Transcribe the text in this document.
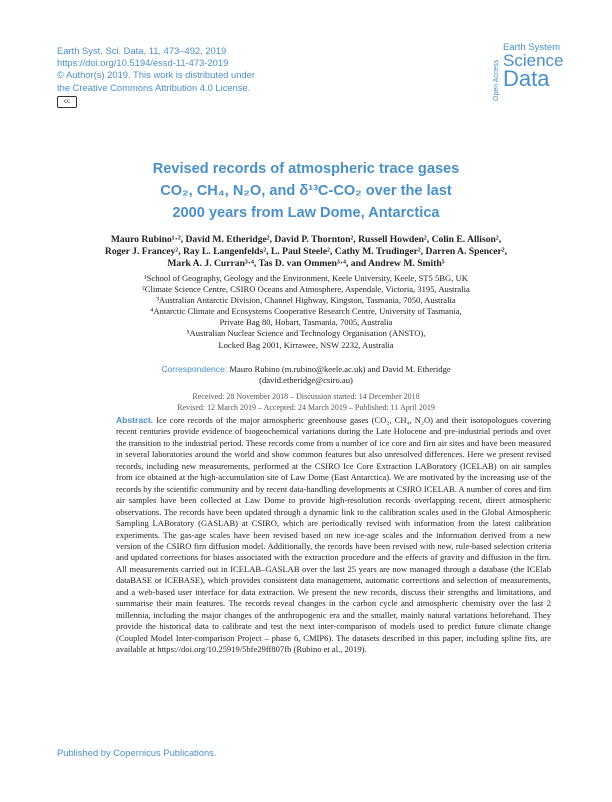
Earth Syst. Sci. Data, 11, 473–492, 2019
https://doi.org/10.5194/essd-11-473-2019
© Author(s) 2019. This work is distributed under
the Creative Commons Attribution 4.0 License.
cc
Open Access
Earth System
Science
Data
Revised records of atmospheric trace gases
CO₂, CH₄, N₂O, and δ¹³C-CO₂ over the last
2000 years from Law Dome, Antarctica
Mauro Rubino¹·², David M. Etheridge², David P. Thornton², Russell Howden², Colin E. Allison²,
Roger J. Francey², Ray L. Langenfelds², L. Paul Steele², Cathy M. Trudinger², Darren A. Spencer²,
Mark A. J. Curran³·⁴, Tas D. van Ommen³·⁴, and Andrew M. Smith⁵
¹School of Geography, Geology and the Environment, Keele University, Keele, ST5 5BG, UK
²Climate Science Centre, CSIRO Oceans and Atmosphere, Aspendale, Victoria, 3195, Australia
³Australian Antarctic Division, Channel Highway, Kingston, Tasmania, 7050, Australia
⁴Antarctic Climate and Ecosystems Cooperative Research Centre, University of Tasmania,
Private Bag 80, Hobart, Tasmania, 7005, Australia
⁵Australian Nuclear Science and Technology Organisation (ANSTO),
Locked Bag 2001, Kirrawee, NSW 2232, Australia
Correspondence: Mauro Rubino (m.rubino@keele.ac.uk) and David M. Etheridge
(david.etheridge@csiro.au)
Received: 28 November 2018 – Discussion started: 14 December 2018
Revised: 12 March 2019 – Accepted: 24 March 2019 – Published: 11 April 2019
Abstract. Ice core records of the major atmospheric greenhouse gases (CO₂, CH₄, N₂O) and their isotopologues covering recent centuries provide evidence of biogeochemical variations during the Late Holocene and pre-industrial periods and over the transition to the industrial period. These records come from a number of ice core and firn air sites and have been measured in several laboratories around the world and show common features but also unresolved differences. Here we present revised records, including new measurements, performed at the CSIRO Ice Core Extraction LABoratory (ICELAB) on air samples from ice obtained at the high-accumulation site of Law Dome (East Antarctica). We are motivated by the increasing use of the records by the scientific community and by recent data-handling developments at CSIRO ICELAB. A number of cores and firn air samples have been collected at Law Dome to provide high-resolution records overlapping recent, direct atmospheric observations. The records have been updated through a dynamic link to the calibration scales used in the Global Atmospheric Sampling LABoratory (GASLAB) at CSIRO, which are periodically revised with information from the latest calibration experiments. The gas-age scales have been revised based on new ice-age scales and the information derived from a new version of the CSIRO firn diffusion model. Additionally, the records have been revised with new, rule-based selection criteria and updated corrections for biases associated with the extraction procedure and the effects of gravity and diffusion in the firn. All measurements carried out in ICELAB–GASLAB over the last 25 years are now managed through a database (the ICElab dataBASE or ICEBASE), which provides consistent data management, automatic corrections and selection of measurements, and a web-based user interface for data extraction. We present the new records, discuss their strengths and limitations, and summarise their main features. The records reveal changes in the carbon cycle and atmospheric chemistry over the last 2 millennia, including the major changes of the anthropogenic era and the smaller, mainly natural variations beforehand. They provide the historical data to calibrate and test the next inter-comparison of models used to predict future climate change (Coupled Model Inter-comparison Project – phase 6, CMIP6). The datasets described in this paper, including spline fits, are available at https://doi.org/10.25919/5bfe29ff807fb (Rubino et al., 2019).
Published by Copernicus Publications.
